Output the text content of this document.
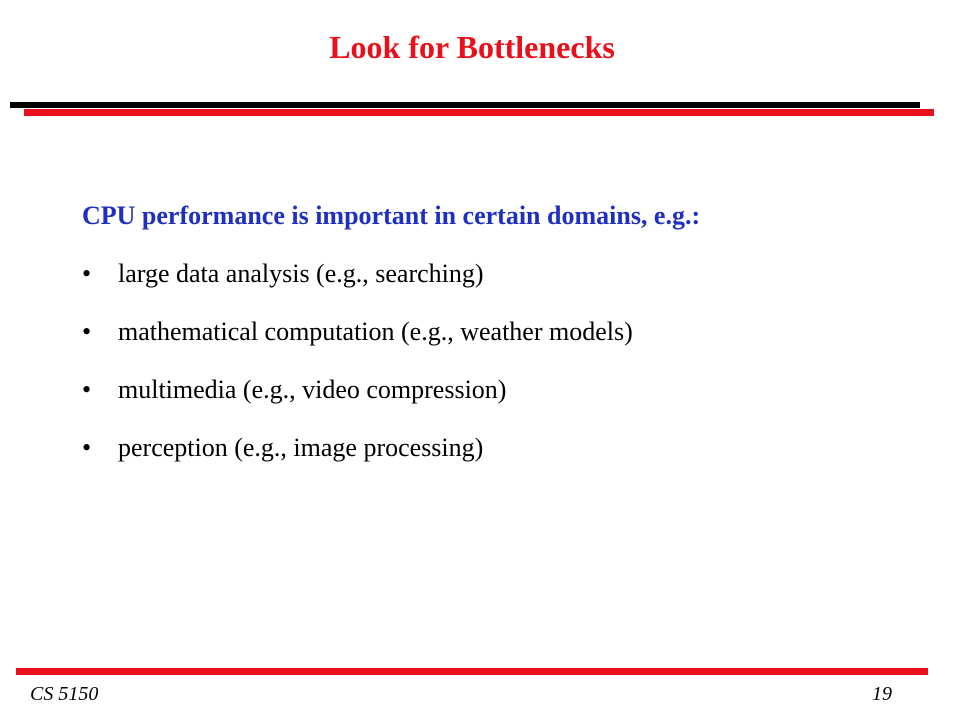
Look for Bottlenecks
CPU performance is important in certain domains, e.g.:
•	large data analysis (e.g., searching)
•	mathematical computation (e.g., weather models)
•	multimedia (e.g., video compression)
•	perception (e.g., image processing)
CS 5150	19
